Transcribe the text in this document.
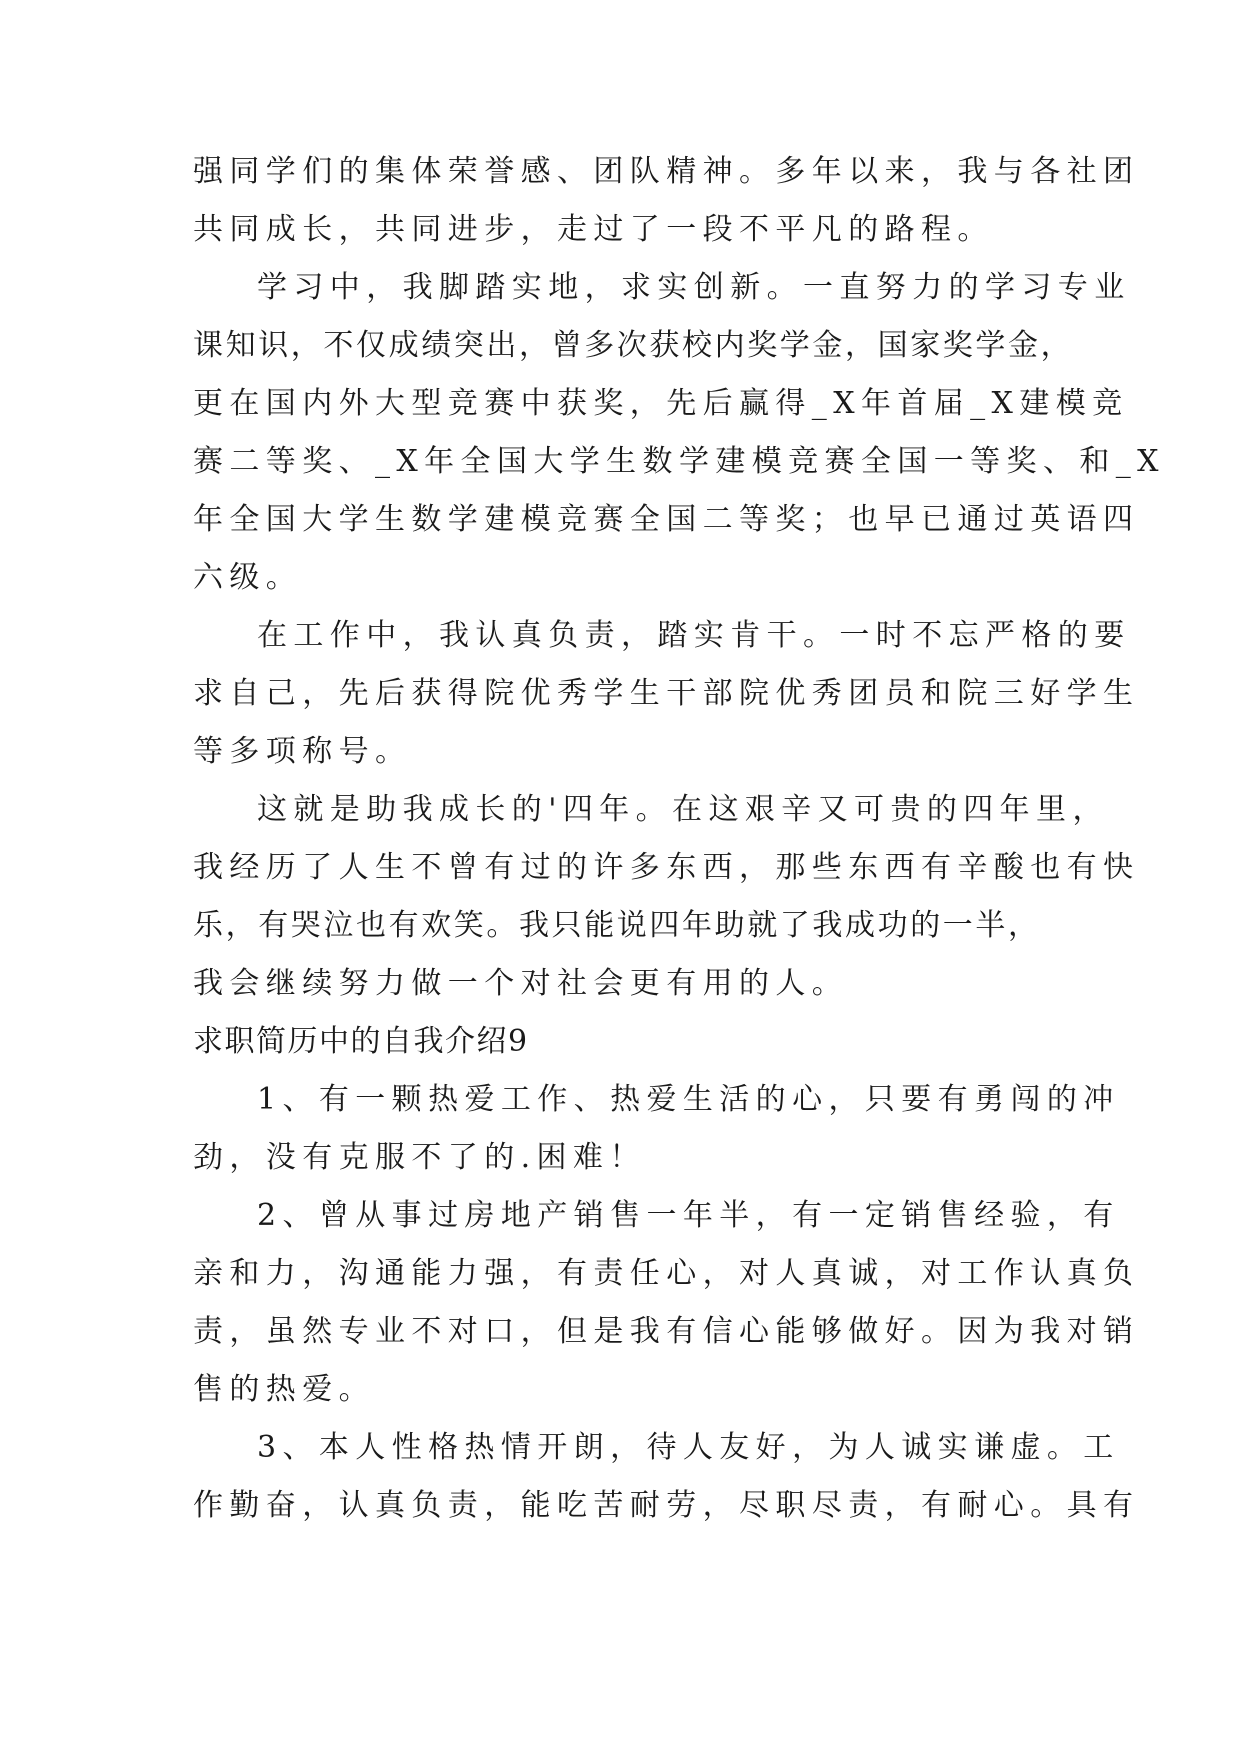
强同学们的集体荣誉感、团队精神。多年以来，我与各社团
共同成长，共同进步，走过了一段不平凡的路程。
学习中，我脚踏实地，求实创新。一直努力的学习专业
课知识，不仅成绩突出，曾多次获校内奖学金，国家奖学金，
更在国内外大型竞赛中获奖，先后赢得_X年首届_X建模竞
赛二等奖、_X年全国大学生数学建模竞赛全国一等奖、和_X
年全国大学生数学建模竞赛全国二等奖；也早已通过英语四
六级。
在工作中，我认真负责，踏实肯干。一时不忘严格的要
求自己，先后获得院优秀学生干部院优秀团员和院三好学生
等多项称号。
这就是助我成长的'四年。在这艰辛又可贵的四年里，
我经历了人生不曾有过的许多东西，那些东西有辛酸也有快
乐，有哭泣也有欢笑。我只能说四年助就了我成功的一半，
我会继续努力做一个对社会更有用的人。
求职简历中的自我介绍9
1、有一颗热爱工作、热爱生活的心，只要有勇闯的冲
劲，没有克服不了的.困难！
2、曾从事过房地产销售一年半，有一定销售经验，有
亲和力，沟通能力强，有责任心，对人真诚，对工作认真负
责，虽然专业不对口，但是我有信心能够做好。因为我对销
售的热爱。
3、本人性格热情开朗，待人友好，为人诚实谦虚。工
作勤奋，认真负责，能吃苦耐劳，尽职尽责，有耐心。具有
